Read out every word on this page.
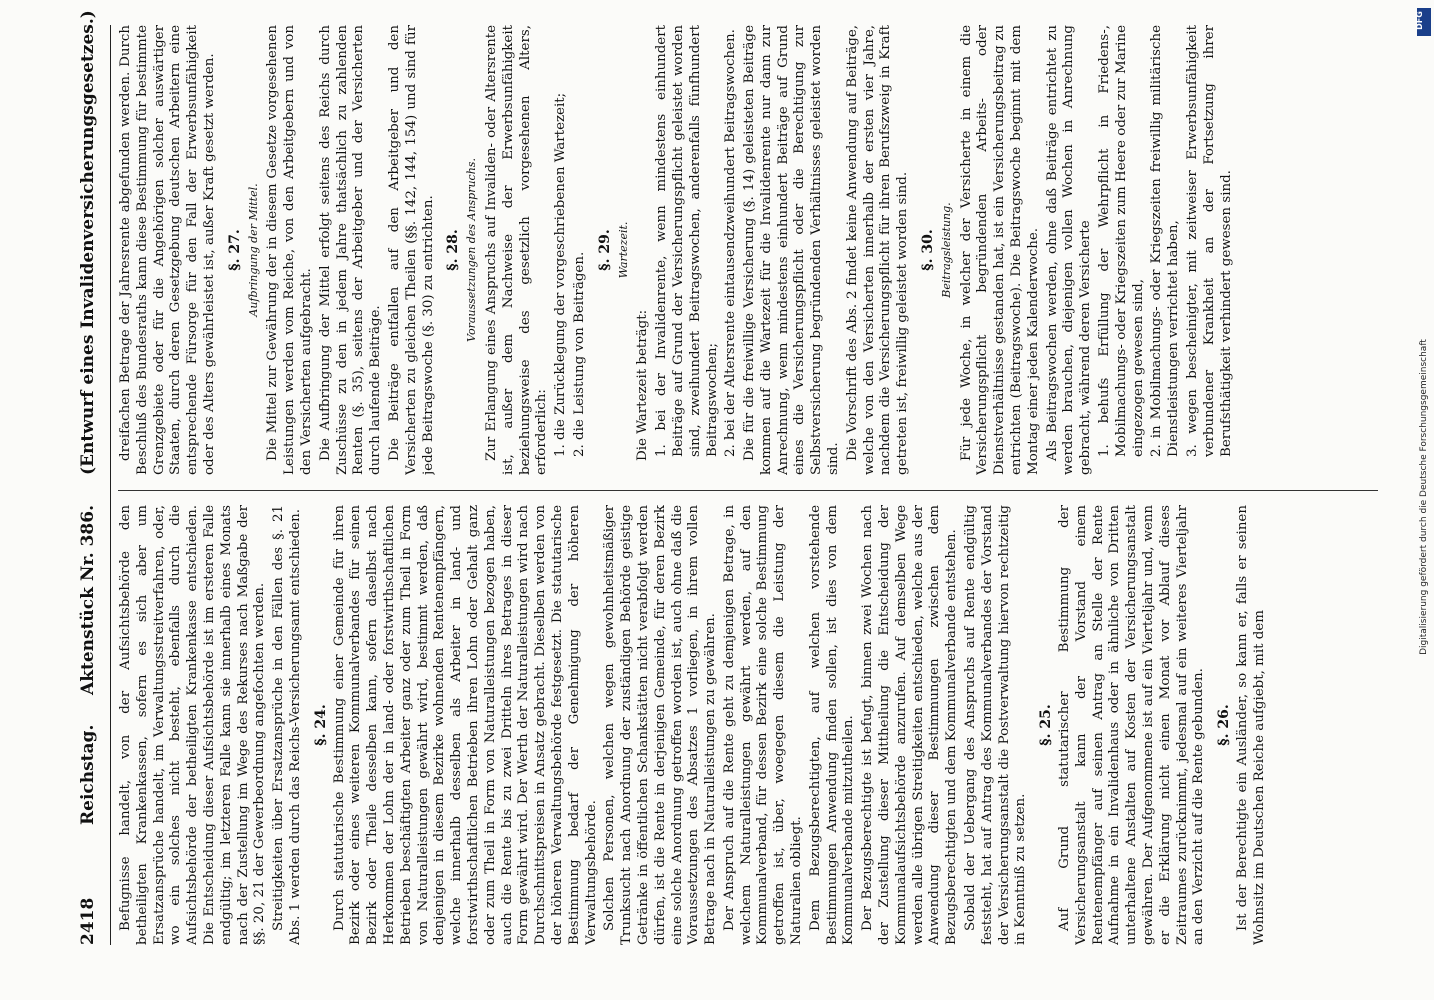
2418
Reichstag.
Aktenstück Nr. 386.
(Entwurf eines Invalidenversicherungsgesetzes.)

Befugnisse handelt, von der Aufsichtsbehörde den betheiligten Krankenkassen, sofern es sich aber um Ersatzansprüche handelt, im Verwaltungsstreitverfahren, oder, wo ein solches nicht besteht, ebenfalls durch die Aufsichtsbehörde der betheiligten Krankenkasse entschieden. Die Entscheidung dieser Aufsichtsbehörde ist im ersteren Falle endgültig; im letzteren Falle kann sie innerhalb eines Monats nach der Zustellung im Wege des Rekurses nach Maßgabe der §§. 20, 21 der Gewerbeordnung angefochten werden. Streitigkeiten über Ersatzansprüche in den Fällen des §. 21 Abs. 1 werden durch das Reichs-Versicherungsamt entschieden. §. 24. Durch statutarische Bestimmung einer Gemeinde für ihren Bezirk oder eines weiteren Kommunalverbandes für seinen Bezirk oder Theile desselben kann, sofern daselbst nach Herkommen der Lohn der in land- oder forstwirthschaftlichen Betrieben beschäftigten Arbeiter ganz oder zum Theil in Form von Naturalleistungen gewährt wird, bestimmt werden, daß denjenigen in diesem Bezirke wohnenden Rentenempfängern, welche innerhalb desselben als Arbeiter in land- und forstwirthschaftlichen Betrieben ihren Lohn oder Gehalt ganz oder zum Theil in Form von Naturalleistungen bezogen haben, auch die Rente bis zu zwei Dritteln ihres Betrages in dieser Form gewährt wird. Der Werth der Naturalleistungen wird nach Durchschnittspreisen in Ansatz gebracht. Dieselben werden von der höheren Verwaltungsbehörde festgesetzt. Die statutarische Bestimmung bedarf der Genehmigung der höheren Verwaltungsbehörde. Solchen Personen, welchen wegen gewohnheitsmäßiger Trunksucht nach Anordnung der zuständigen Behörde geistige Getränke in öffentlichen Schankstätten nicht verabfolgt werden dürfen, ist die Rente in derjenigen Gemeinde, für deren Bezirk eine solche Anordnung getroffen worden ist, auch ohne daß die Voraussetzungen des Absatzes 1 vorliegen, in ihrem vollen Betrage nach in Naturalleistungen zu gewähren. Der Anspruch auf die Rente geht zu demjenigen Betrage, in welchem Naturalleistungen gewährt werden, auf den Kommunalverband, für dessen Bezirk eine solche Bestimmung getroffen ist, über, woegegen diesem die Leistung der Naturalien obliegt. Dem Bezugsberechtigten, auf welchen vorstehende Bestimmungen Anwendung finden sollen, ist dies von dem Kommunalverbande mitzutheilen. Der Bezugsberechtigte ist befugt, binnen zwei Wochen nach der Zustellung dieser Mittheilung die Entscheidung der Kommunalaufsichtsbehörde anzurufen. Auf demselben Wege werden alle übrigen Streitigkeiten entschieden, welche aus der Anwendung dieser Bestimmungen zwischen dem Bezugsberechtigten und dem Kommunalverbande entstehen. Sobald der Uebergang des Anspruchs auf Rente endgültig feststeht, hat auf Antrag des Kommunalverbandes der Vorstand der Versicherungsanstalt die Postverwaltung hiervon rechtzeitig in Kenntniß zu setzen.

§. 25. Auf Grund statutarischer Bestimmung der Versicherungsanstalt kann der Vorstand einem Rentenempfänger auf seinen Antrag an Stelle der Rente Aufnahme in ein Invalidenhaus oder in ähnliche von Dritten unterhaltene Anstalten auf Kosten der Versicherungsanstalt gewähren. Der Aufgenommene ist auf ein Vierteljahr und, wenn er die Erklärung nicht einen Monat vor Ablauf dieses Zeitraumes zurücknimmt, jedesmal auf ein weiteres Vierteljahr an den Verzicht auf die Rente gebunden. §. 26. Ist der Berechtigte ein Ausländer, so kann er, falls er seinen Wohnsitz im Deutschen Reiche aufgiebt, mit dem

dreifachen Betrage der Jahresrente abgefunden werden. Durch Beschluß des Bundesraths kann diese Bestimmung für bestimmte Grenzgebiete oder für die Angehörigen solcher auswärtiger Staaten, durch deren Gesetzgebung deutschen Arbeitern eine entsprechende Fürsorge für den Fall der Erwerbsunfähigkeit oder des Alters gewährleistet ist, außer Kraft gesetzt werden. §. 27. Aufbringung der Mittel. Die Mittel zur Gewährung der in diesem Gesetze vorgesehenen Leistungen werden vom Reiche, von den Arbeitgebern und von den Versicherten aufgebracht. Die Aufbringung der Mittel erfolgt seitens des Reichs durch Zuschüsse zu den in jedem Jahre thatsächlich zu zahlenden Renten (§. 35), seitens der Arbeitgeber und der Versicherten durch laufende Beiträge. Die Beiträge entfallen auf den Arbeitgeber und den Versicherten zu gleichen Theilen (§§. 142, 144, 154) und sind für jede Beitragswoche (§. 30) zu entrichten. §. 28. Voraussetzungen des Anspruchs. Zur Erlangung eines Anspruchs auf Invaliden- oder Altersrente ist, außer dem Nachweise der Erwerbsunfähigkeit beziehungsweise des gesetzlich vorgesehenen Alters, erforderlich: 1. die Zurücklegung der vorgeschriebenen Wartezeit; 2. die Leistung von Beiträgen.

§. 29. Wartezeit.

Die Wartezeit beträgt: 1. bei der Invalidenrente, wenn mindestens einhundert Beiträge auf Grund der Versicherungspflicht geleistet worden sind, zweihundert Beitragswochen, anderenfalls fünfhundert Beitragswochen; 2. bei der Altersrente eintausendzweihundert Beitragswochen. Die für die freiwillige Versicherung (§. 14) geleisteten Beiträge kommen auf die Wartezeit für die Invalidenrente nur dann zur Anrechnung, wenn mindestens einhundert Beiträge auf Grund eines die Versicherungspflicht oder die Berechtigung zur Selbstversicherung begründenden Verhältnisses geleistet worden sind. Die Vorschrift des Abs. 2 findet keine Anwendung auf Beiträge, welche von den Versicherten innerhalb der ersten vier Jahre, nachdem die Versicherungspflicht für ihren Berufszweig in Kraft getreten ist, freiwillig geleistet worden sind. §. 30. Beitragsleistung. Für jede Woche, in welcher der Versicherte in einem die Versicherungspflicht begründenden Arbeits- oder Dienstverhältnisse gestanden hat, ist ein Versicherungsbeitrag zu entrichten (Beitragswoche). Die Beitragswoche beginnt mit dem Montag einer jeden Kalenderwoche. Als Beitragswochen werden, ohne daß Beiträge entrichtet zu werden brauchen, diejenigen vollen Wochen in Anrechnung gebracht, während deren Versicherte 1. behufs Erfüllung der Wehrpflicht in Friedens-, Mobilmachungs- oder Kriegszeiten zum Heere oder zur Marine eingezogen gewesen sind, 2. in Mobilmachungs- oder Kriegszeiten freiwillig militärische Dienstleistungen verrichtet haben, 3. wegen bescheinigter, mit zeitweiser Erwerbsunfähigkeit verbundener Krankheit an der Fortsetzung ihrer Berufsthätigkeit verhindert gewesen sind.

DFG
Digitalisierung gefördert durch die Deutsche Forschungsgemeinschaft
